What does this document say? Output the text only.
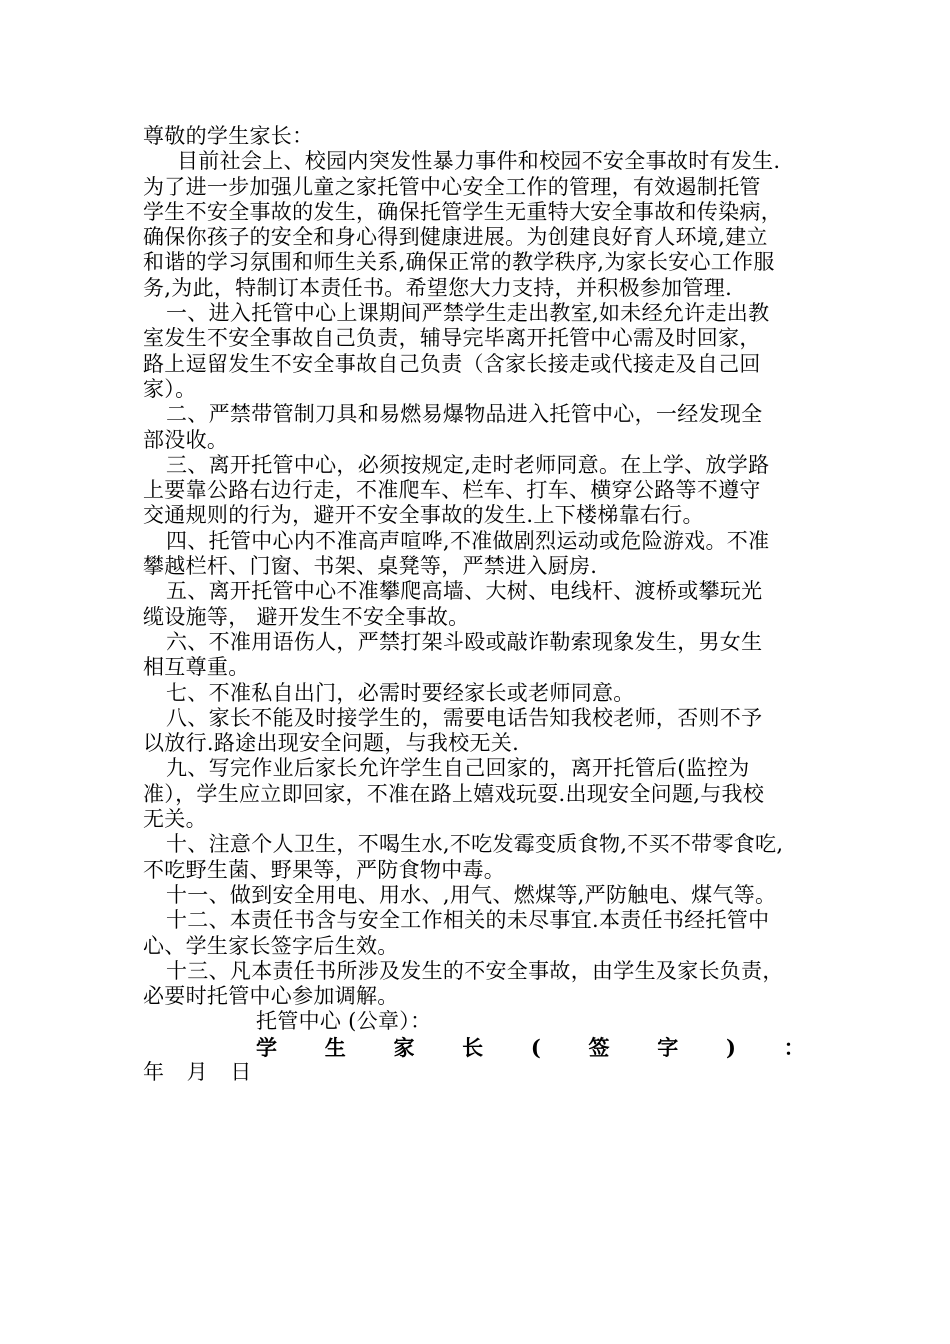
尊敬的学生家长：
目前社会上、校园内突发性暴力事件和校园不安全事故时有发生.
为了进一步加强儿童之家托管中心安全工作的管理，有效遏制托管
学生不安全事故的发生，确保托管学生无重特大安全事故和传染病，
确保你孩子的安全和身心得到健康进展。为创建良好育人环境,建立
和谐的学习氛围和师生关系,确保正常的教学秩序,为家长安心工作服
务,为此，特制订本责任书。希望您大力支持，并积极参加管理.
一、进入托管中心上课期间严禁学生走出教室,如未经允许走出教
室发生不安全事故自己负责，辅导完毕离开托管中心需及时回家，
路上逗留发生不安全事故自己负责（含家长接走或代接走及自己回
家）。
二、严禁带管制刀具和易燃易爆物品进入托管中心，一经发现全
部没收。
三、离开托管中心，必须按规定,走时老师同意。在上学、放学路
上要靠公路右边行走，不准爬车、栏车、打车、横穿公路等不遵守
交通规则的行为，避开不安全事故的发生.上下楼梯靠右行。
四、托管中心内不准高声喧哗,不准做剧烈运动或危险游戏。不准
攀越栏杆、门窗、书架、桌凳等，严禁进入厨房.
五、离开托管中心不准攀爬高墙、大树、电线杆、渡桥或攀玩光
缆设施等， 避开发生不安全事故。
六、不准用语伤人，严禁打架斗殴或敲诈勒索现象发生，男女生
相互尊重。
七、不准私自出门，必需时要经家长或老师同意。
八、家长不能及时接学生的，需要电话告知我校老师，否则不予
以放行.路途出现安全问题，与我校无关.
九、写完作业后家长允许学生自己回家的，离开托管后(监控为
准），学生应立即回家，不准在路上嬉戏玩耍.出现安全问题,与我校
无关。
十、注意个人卫生，不喝生水,不吃发霉变质食物,不买不带零食吃,
不吃野生菌、野果等，严防食物中毒。
十一、做到安全用电、用水、,用气、燃煤等,严防触电、煤气等。
十二、本责任书含与安全工作相关的未尽事宜.本责任书经托管中
心、学生家长签字后生效。
十三、凡本责任书所涉及发生的不安全事故，由学生及家长负责，
必要时托管中心参加调解。
托管中心 (公章）：
学 生 家 长 ( 签 字 ) ：
年 月 日
